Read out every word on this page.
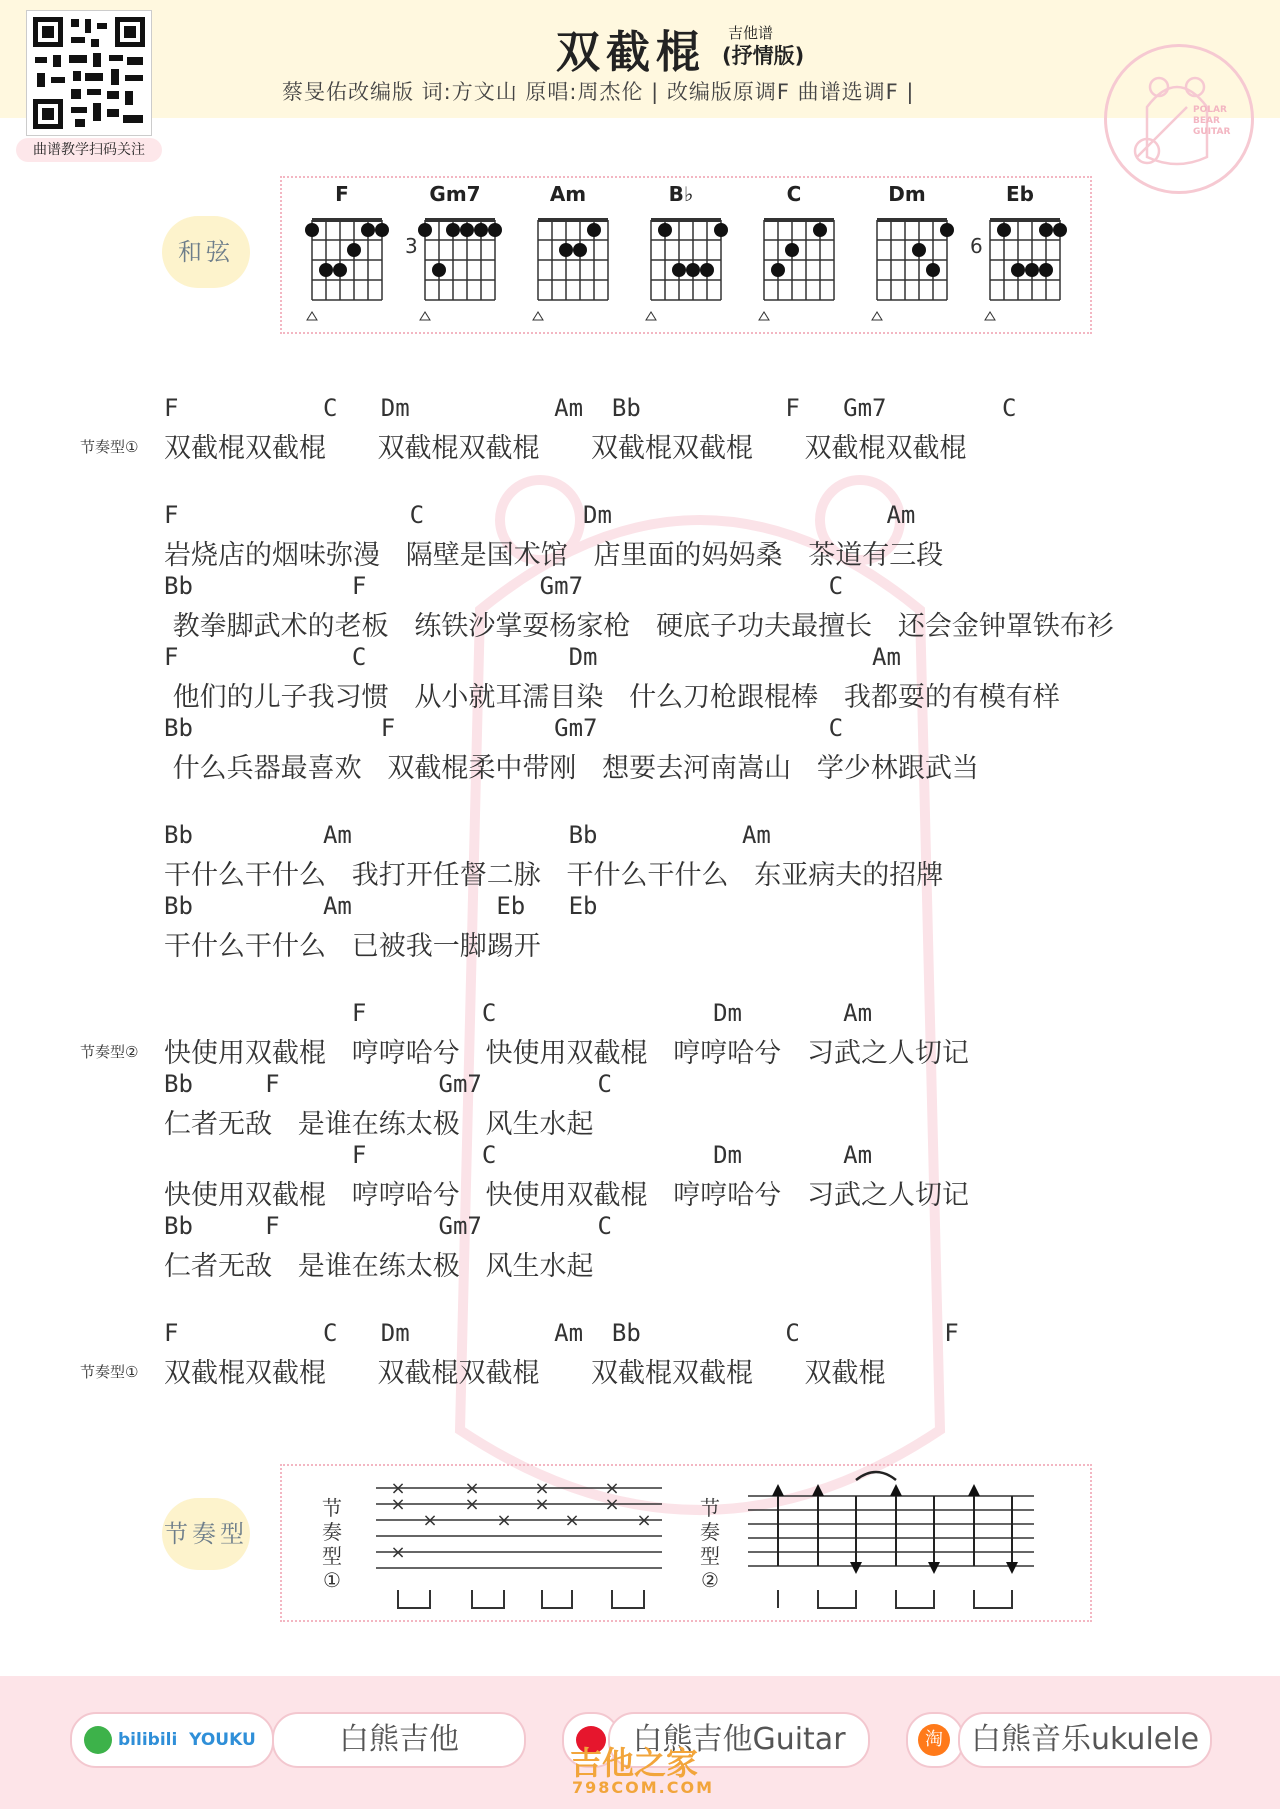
曲谱教学扫码关注
双截棍 吉他谱
(抒情版)
蔡旻佑改编版 词:方文山 原唱:周杰伦 | 改编版原调F 曲谱选调F |
POLAR BEAR GUITAR
和弦
F	Gm7
3
Am	B♭	C	Dm	Eb
6
F          C   Dm          Am  Bb          F   Gm7        C
双截棍双截棍      双截棍双截棍      双截棍双截棍      双截棍双截棍
节奏型①
F                C           Dm                   Am
岩烧店的烟味弥漫   隔壁是国术馆   店里面的妈妈桑   茶道有三段
Bb           F            Gm7                 C
教拳脚武术的老板   练铁沙掌耍杨家枪   硬底子功夫最擅长   还会金钟罩铁布衫
F            C              Dm                   Am
他们的儿子我习惯   从小就耳濡目染   什么刀枪跟棍棒   我都耍的有模有样
Bb             F           Gm7                C
什么兵器最喜欢   双截棍柔中带刚   想要去河南嵩山   学少林跟武当
Bb         Am               Bb          Am
干什么干什么   我打开任督二脉   干什么干什么   东亚病夫的招牌
Bb         Am          Eb   Eb
干什么干什么   已被我一脚踢开
F        C               Dm       Am
快使用双截棍   哼哼哈兮   快使用双截棍   哼哼哈兮   习武之人切记
节奏型②
Bb     F           Gm7        C
仁者无敌   是谁在练太极   风生水起
F        C               Dm       Am
快使用双截棍   哼哼哈兮   快使用双截棍   哼哼哈兮   习武之人切记
Bb     F           Gm7        C
仁者无敌   是谁在练太极   风生水起
F          C   Dm          Am  Bb          C          F
双截棍双截棍      双截棍双截棍      双截棍双截棍      双截棍
节奏型①
节奏型
节
奏
型
①
×
×
×
×
×
×
×
×
×
×
×
×
×
节
奏
型
②
bilibili  YOUKU	白熊吉他	白熊吉他Guitar	淘 白熊音乐ukulele
吉他之家
798COM.COM
